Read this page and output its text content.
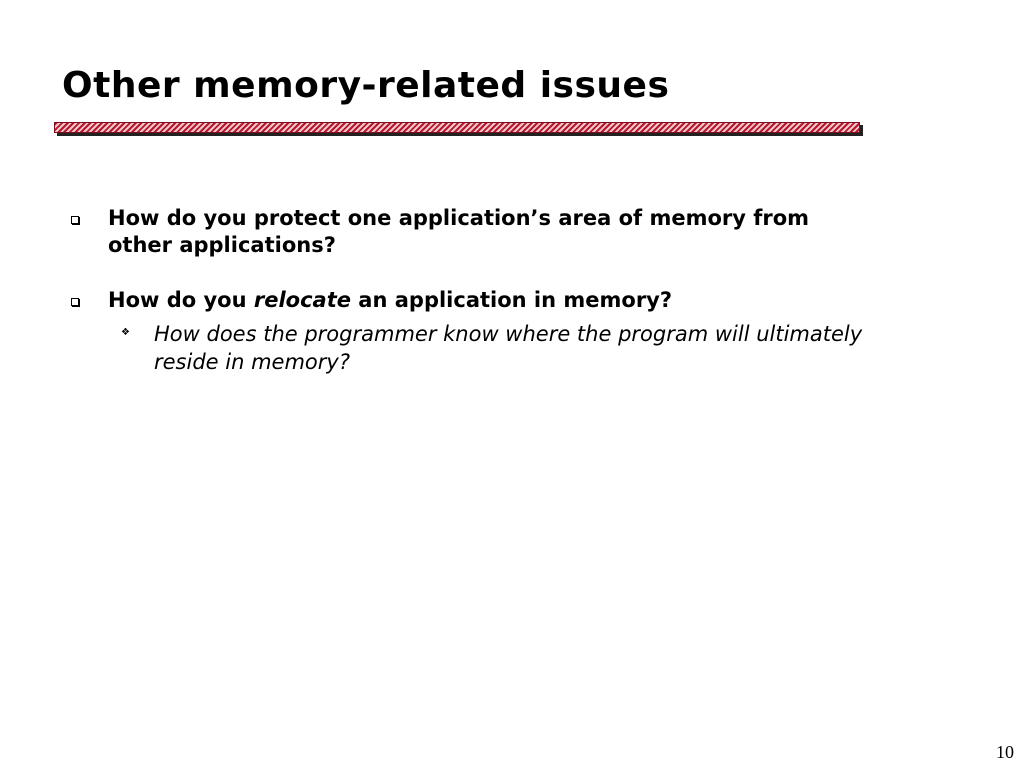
Other memory-related issues
How do you protect one application’s area of memory from other applications?
How do you relocate an application in memory?
❖ How does the programmer know where the program will ultimately reside in memory?
10
